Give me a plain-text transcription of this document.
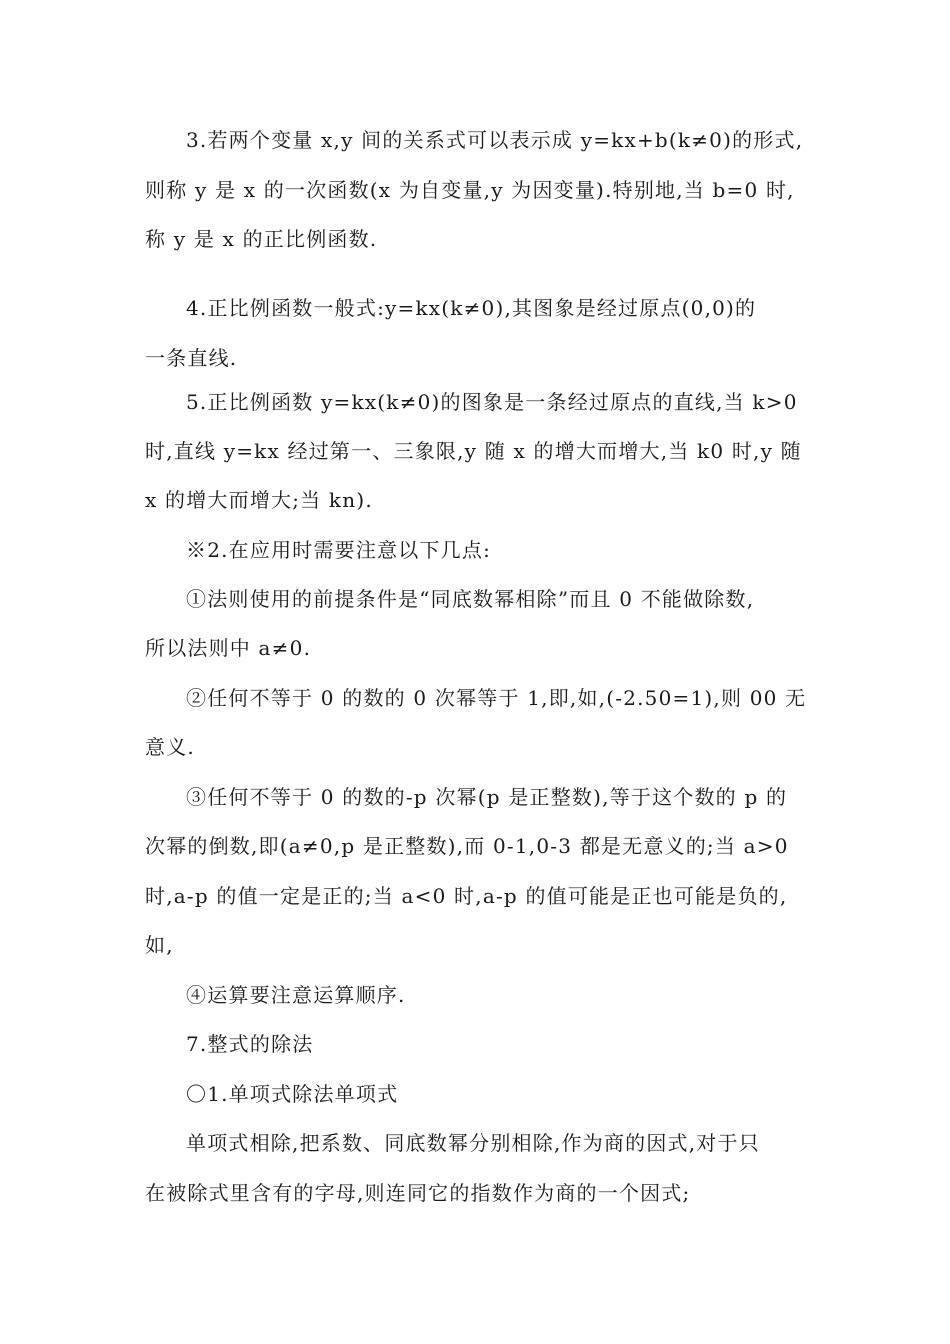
3.若两个变量 x,y 间的关系式可以表示成 y=kx+b(k≠0)的形式,
则称 y 是 x 的一次函数(x 为自变量,y 为因变量).特别地,当 b=0 时,
称 y 是 x 的正比例函数.
4.正比例函数一般式:y=kx(k≠0),其图象是经过原点(0,0)的
一条直线.
5.正比例函数 y=kx(k≠0)的图象是一条经过原点的直线,当 k>0
时,直线 y=kx 经过第一、三象限,y 随 x 的增大而增大,当 k0 时,y 随
x 的增大而增大;当 kn).
※2.在应用时需要注意以下几点:
①法则使用的前提条件是“同底数幂相除”而且 0 不能做除数,
所以法则中 a≠0.
②任何不等于 0 的数的 0 次幂等于 1,即,如,(-2.50=1),则 00 无
意义.
③任何不等于 0 的数的-p 次幂(p 是正整数),等于这个数的 p 的
次幂的倒数,即(a≠0,p 是正整数),而 0-1,0-3 都是无意义的;当 a>0
时,a-p 的值一定是正的;当 a<0 时,a-p 的值可能是正也可能是负的,
如,
④运算要注意运算顺序.
7.整式的除法
〇1.单项式除法单项式
单项式相除,把系数、同底数幂分别相除,作为商的因式,对于只
在被除式里含有的字母,则连同它的指数作为商的一个因式;
